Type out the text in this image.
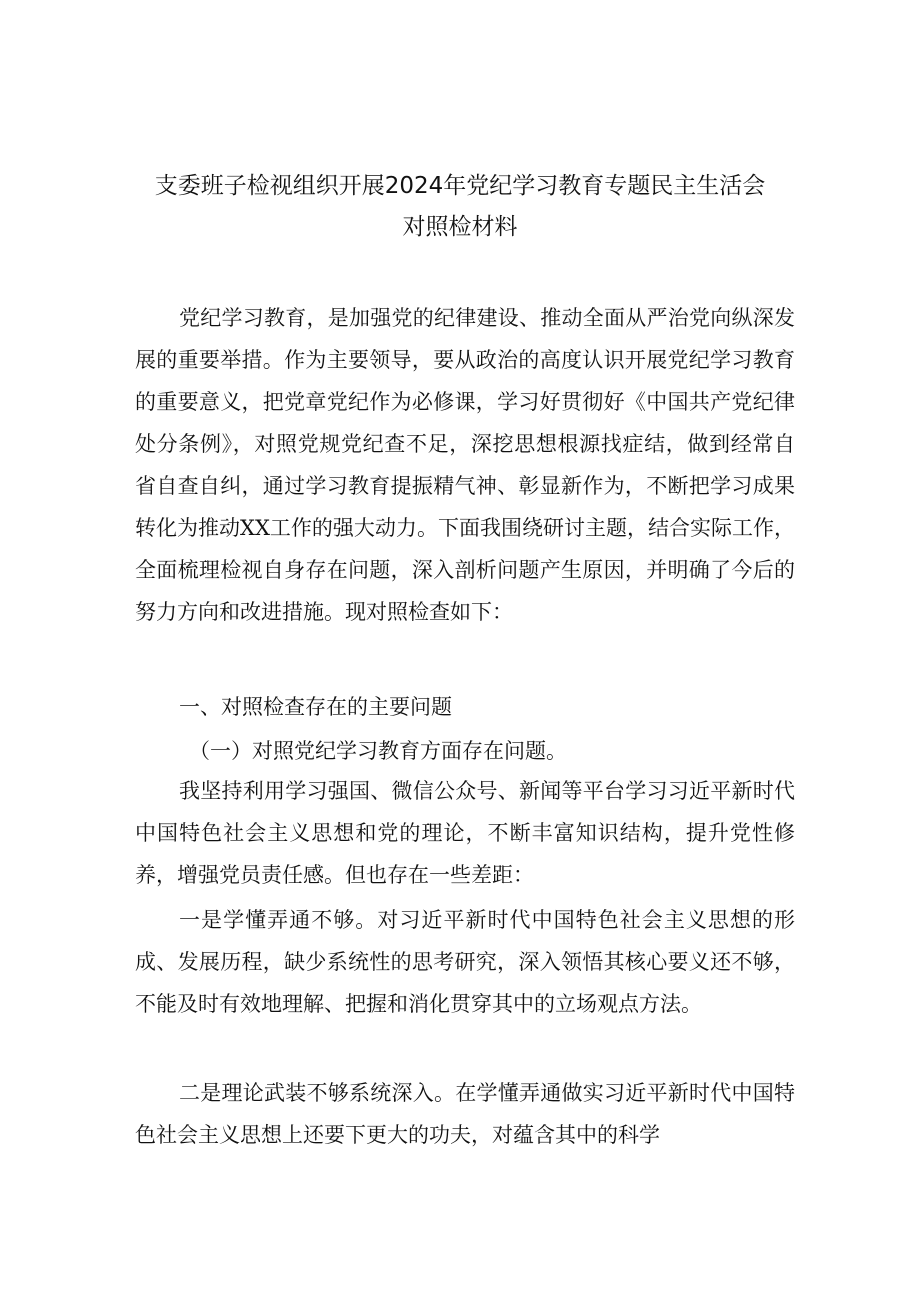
支委班子检视组织开展2024年党纪学习教育专题民主生活会
对照检材料

党纪学习教育，是加强党的纪律建设、推动全面从严治党向纵深发展的重要举措。作为主要领导，要从政治的高度认识开展党纪学习教育的重要意义，把党章党纪作为必修课，学习好贯彻好《中国共产党纪律处分条例》，对照党规党纪查不足，深挖思想根源找症结，做到经常自省自查自纠，通过学习教育提振精气神、彰显新作为，不断把学习成果转化为推动XX工作的强大动力。下面我围绕研讨主题，结合实际工作，全面梳理检视自身存在问题，深入剖析问题产生原因，并明确了今后的努力方向和改进措施。现对照检查如下：

一、对照检查存在的主要问题
（一）对照党纪学习教育方面存在问题。

我坚持利用学习强国、微信公众号、新闻等平台学习习近平新时代中国特色社会主义思想和党的理论，不断丰富知识结构，提升党性修养，增强党员责任感。但也存在一些差距：

一是学懂弄通不够。对习近平新时代中国特色社会主义思想的形成、发展历程，缺少系统性的思考研究，深入领悟其核心要义还不够，不能及时有效地理解、把握和消化贯穿其中的立场观点方法。

二是理论武装不够系统深入。在学懂弄通做实习近平新时代中国特色社会主义思想上还要下更大的功夫，对蕴含其中的科学
